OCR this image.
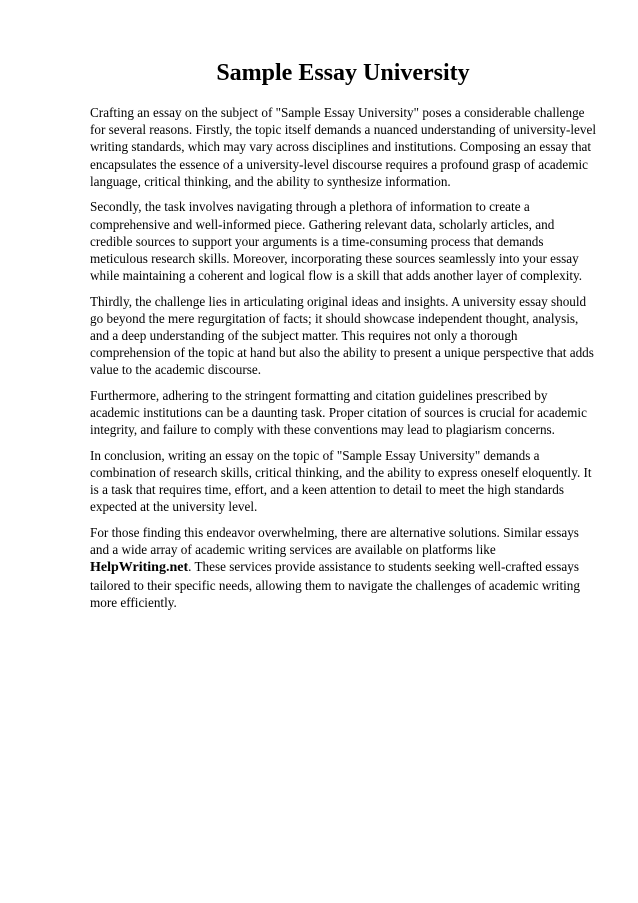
Sample Essay University

Crafting an essay on the subject of "Sample Essay University" poses a considerable challenge for several reasons. Firstly, the topic itself demands a nuanced understanding of university-level writing standards, which may vary across disciplines and institutions. Composing an essay that encapsulates the essence of a university-level discourse requires a profound grasp of academic language, critical thinking, and the ability to synthesize information.

Secondly, the task involves navigating through a plethora of information to create a comprehensive and well-informed piece. Gathering relevant data, scholarly articles, and credible sources to support your arguments is a time-consuming process that demands meticulous research skills. Moreover, incorporating these sources seamlessly into your essay while maintaining a coherent and logical flow is a skill that adds another layer of complexity.

Thirdly, the challenge lies in articulating original ideas and insights. A university essay should go beyond the mere regurgitation of facts; it should showcase independent thought, analysis, and a deep understanding of the subject matter. This requires not only a thorough comprehension of the topic at hand but also the ability to present a unique perspective that adds value to the academic discourse.

Furthermore, adhering to the stringent formatting and citation guidelines prescribed by academic institutions can be a daunting task. Proper citation of sources is crucial for academic integrity, and failure to comply with these conventions may lead to plagiarism concerns.

In conclusion, writing an essay on the topic of "Sample Essay University" demands a combination of research skills, critical thinking, and the ability to express oneself eloquently. It is a task that requires time, effort, and a keen attention to detail to meet the high standards expected at the university level.

For those finding this endeavor overwhelming, there are alternative solutions. Similar essays and a wide array of academic writing services are available on platforms like HelpWriting.net. These services provide assistance to students seeking well-crafted essays tailored to their specific needs, allowing them to navigate the challenges of academic writing more efficiently.
